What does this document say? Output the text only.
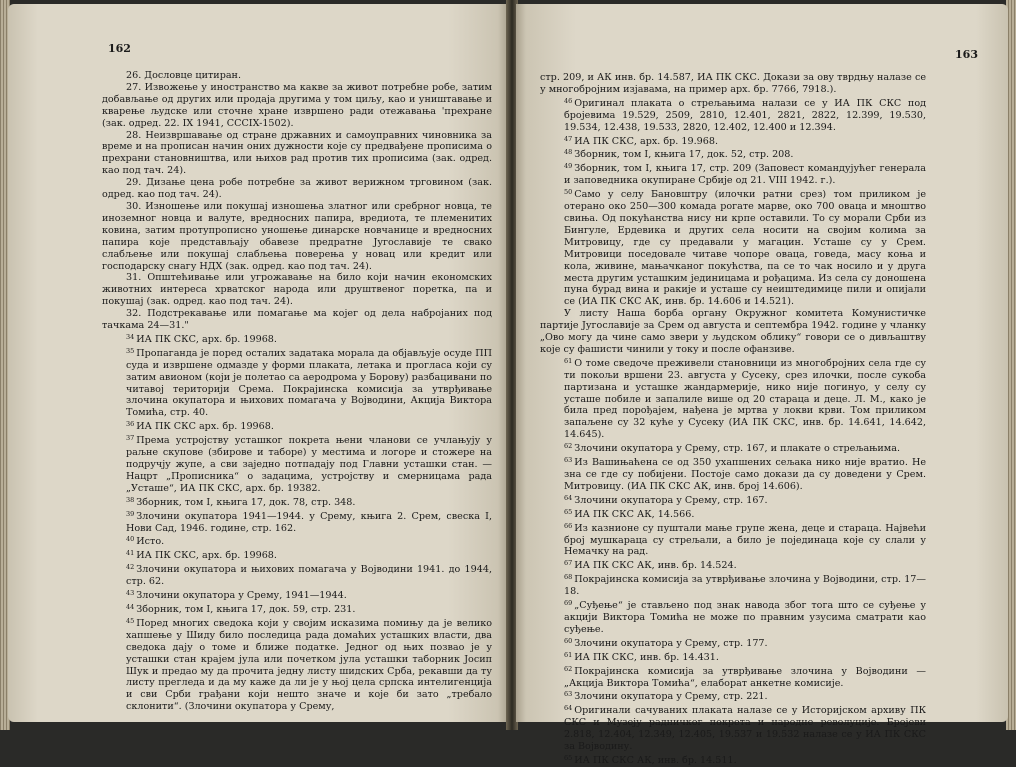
162

26. Дословце цитиран.

27. Извожење у иностранство ма какве за живот потребне робе, затим добављање од других или продаја другима у том циљу, као и уништавање и кварење људске или сточне хране извршено ради отежавања 'прехране (зак. одред. 22. IX 1941, CCCIX-1502).

28. Неизвршавање од стране државних и самоуправних чиновника за време и на прописан начин оних дужности које су предвађене прописима о прехрани становништва, или њихов рад против тих прописима (зак. одред. као под тач. 24).

29. Дизање цена робе потребне за живот верижном трговином (зак. одред. као под тач. 24).

30. Изношење или покушај изношења златног или сребрног новца, те иноземног новца и валуте, вредносних папира, вредиота, те племенитих ковина, затим протупрописно уношење динарске новчанице и вредносних папира које представљају обавезе предратне Југославије те свако слабљење или покушај слабљења поверења у новац или кредит или господарску снагу НДХ (зак. одред. као под тач. 24).

31. Општећивање или угрожавање на било који начин економских животних интереса хрватског народа или друштвеног поретка, па и покушај (зак. одред. као под тач. 24).

32. Подстрекавање или помагање ма којег од дела набројаних под тачкама 24—31."

$^{34}$ ИА ПК СКС, арх. бр. 19968.

$^{35}$ Пропаганда је поред осталих задатака морала да објављује осуде ПП суда и извршене одмазде у форми плаката, летака и прогласа који су затим авионом (који је полетао са аеродрома у Борову) разбацивани по читавој територији Срема. Покрајинска комисија за утврђивање злочина окупатора и њихових помагача у Војводини, Акција Виктора Томића, стр. 40.

$^{36}$ ИА ПК СКС арх. бр. 19968.

$^{37}$ Према устројству усташког покрета њени чланови се учлањују у раљне скупове (збирове и таборе) у местима и логоре и стожере на подручју жупе, а сви заједно потпадају под Главни усташки стан. — Нацрт „Прописника“ о задацима, устројству и смерницама рада „Усташе“, ИА ПК СКС, арх. бр. 19382.

$^{38}$ Зборник, том I, књига 17, док. 78, стр. 348.

$^{39}$ Злочини окупатора 1941—1944. у Срему, књига 2. Срем, свеска I, Нови Сад, 1946. године, стр. 162.

$^{40}$ Исто.

$^{41}$ ИА ПК СКС, арх. бр. 19968.

$^{42}$ Злочини окупатора и њихових помагача у Војводини 1941. до 1944, стр. 62.

$^{43}$ Злочини окупатора у Срему, 1941—1944.

$^{44}$ Зборник, том I, књига 17, док. 59, стр. 231.

$^{45}$ Поред многих сведока који у својим исказима помињу да је велико хапшење у Шиду било последица рада домаћих усташких власти, два сведока дају о томе и ближе податке. Једног од њих позвао је у усташки стан крајем јула или почетком јула усташки таборник Јосип Шук и предао му да прочита једну листу шидских Срба, рекавши да ту листу прегледа и да му каже да ли је у њој цела српска интелигенција и сви Срби грађани који нешто значе и које би зато „требало склонити“. (Злочини окупатора у Срему,

163

стр. 209, и АК инв. бр. 14.587, ИА ПК СКС. Докази за ову тврдњу налазе се у многобројним изјавама, на пример арх. бр. 7766, 7918.).

$^{46}$ Оригинал плаката о стрељањима налази се у ИА ПК СКС под бројевима 19.529, 2509, 2810, 12.401, 2821, 2822, 12.399, 19.530, 19.534, 12.438, 19.533, 2820, 12.402, 12.400 и 12.394.

$^{47}$ ИА ПК СКС, арх. бр. 19.968.

$^{48}$ Зборник, том I, књига 17, док. 52, стр. 208.

$^{49}$ Зборник, том I, књига 17, стр. 209 (Заповест командујућег генерала и заповедника окупиране Србије од 21. VIII 1942. г.).

$^{50}$ Само у селу Бановштру (илочки ратни срез) том приликом је отерано око 250—300 комада рогате марве, око 700 оваца и мноштво свиња. Од покућанства нису ни крпе оставили. То су морали Срби из Бингуле, Ердевика и других села носити на својим колима за Митровицу, где су предавали у магацин. Усташе су у Срем. Митровици поседовале читаве чопоре оваца, говеда, масу коња и кола, живине, мањачканог покућства, па се то чак носило и у друга места другим усташким јединицама и рођацима. Из села су доношена пуна бурад вина и ракије и усташе су неиштедимице пили и опијали се (ИА ПК СКС АК, инв. бр. 14.606 и 14.521).

У листу Наша борба органу Окружног комитета Комунистичке партије Југославије за Срем од августа и септембра 1942. године у чланку „Ово могу да чине само звери у људском облику“ говори се о дивљаштву које су фашисти чинили у току и после офанзиве.

$^{61}$ О томе сведоче преживели становници из многобројних села где су ти покољи вршени 23. августа у Сусеку, срез илочки, после сукоба партизана и усташке жандармерије, нико није погинуо, у селу су усташе побиле и запалиле више од 20 старaца и деце. Л. М., како је била пред порођајем, нађена је мртва у локви крви. Том приликом запаљене су 32 куће у Сусеку (ИА ПК СКС, инв. бр. 14.641, 14.642, 14.645).

$^{62}$ Злочини окупатора у Срему, стр. 167, и плакате о стрељањима.

$^{63}$ Из Вашињаћена се од 350 ухапшених сељака нико није вратио. Не зна се где су побијени. Постоје само докази да су доведени у Срем. Митровицу. (ИА ПК СКС АК, инв. број 14.606).

$^{64}$ Злочини окупатора у Срему, стр. 167.

$^{65}$ ИА ПК СКС АК, 14.566.

$^{66}$ Из казнионе су пуштали мање групе жена, деце и стараца. Највећи број мушкараца су стрељали, а било је појединаца које су слали у Немачку на рад.

$^{67}$ ИА ПК СКС АК, инв. бр. 14.524.

$^{68}$ Покрајинска комисија за утврђивање злочина у Војводини, стр. 17—18.

$^{69}$ „Суђење“ је стављено под знак навода због тога што се суђење у акцији Виктора Томића не може по правним узусима сматрати као суђење.

$^{60}$ Злочини окупатора у Срему, стр. 177.

$^{61}$ ИА ПК СКС, инв. бр. 14.431.

$^{62}$ Покрајинска комисија за утврђивање злочина у Војводини — „Акција Виктора Томића“, елаборат анкетне комисије.

$^{63}$ Злочини окупатора у Срему, стр. 221.

$^{64}$ Оригинали сачуваних плаката налазе се у Историјском архиву ПК СКС и Музеју радничког покрета и народне револуције. Бројеви 2.818, 12.404, 12.349, 12.405, 19.537 и 19.532 налазе се у ИА ПК СКС за Војводину.

$^{65}$ ИА ПК СКС АК, инв. бр. 14.511.
